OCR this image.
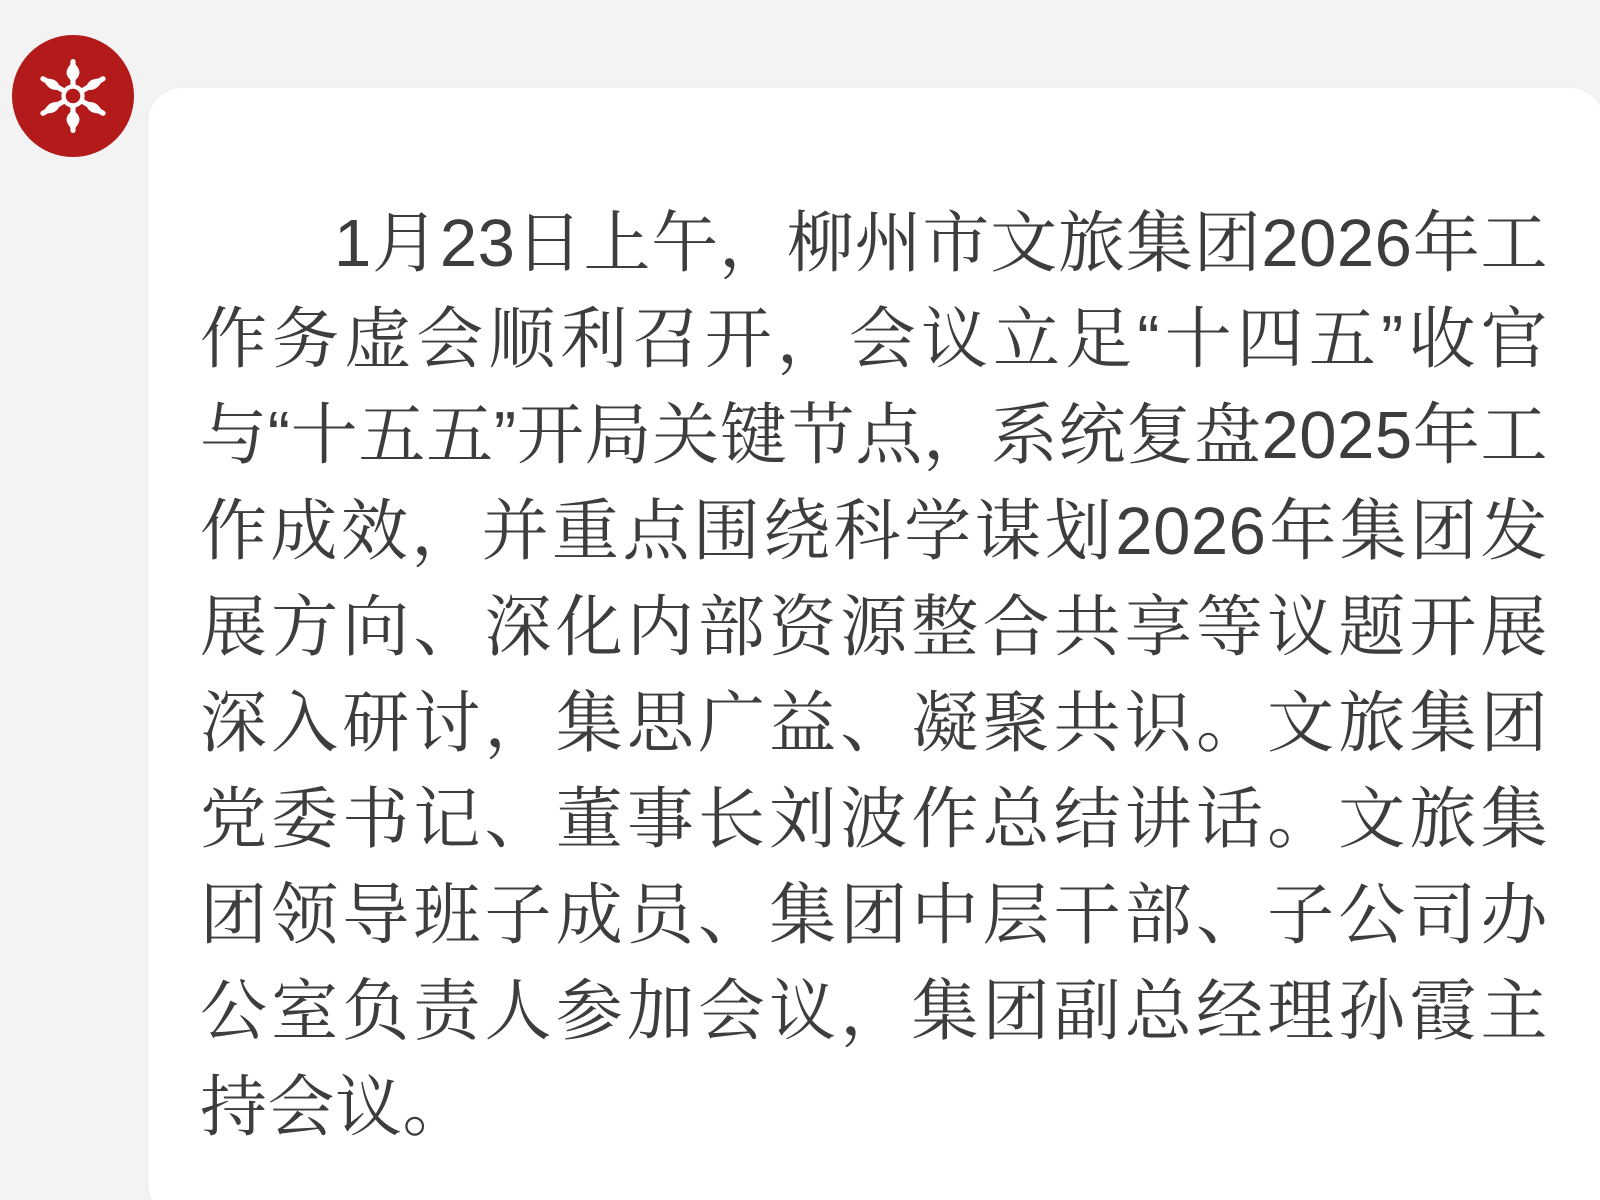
1月23日上午，柳州市文旅集团2026年工作务虚会顺利召开，会议立足“十四五”收官与“十五五”开局关键节点，系统复盘2025年工作成效，并重点围绕科学谋划2026年集团发展方向、深化内部资源整合共享等议题开展深入研讨，集思广益、凝聚共识。文旅集团党委书记、董事长刘波作总结讲话。文旅集团领导班子成员、集团中层干部、子公司办公室负责人参加会议，集团副总经理孙霞主持会议。
